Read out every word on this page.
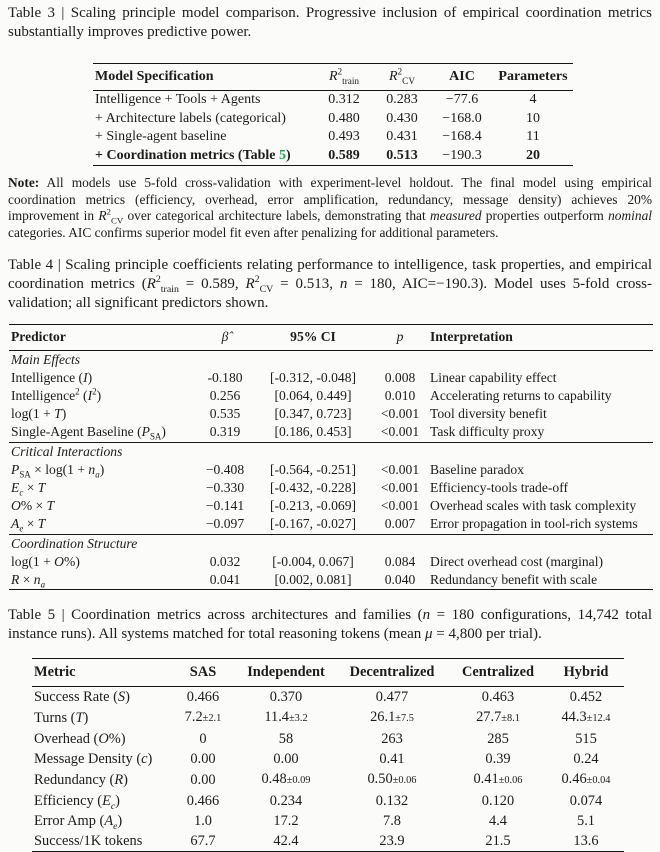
Table 3 | Scaling principle model comparison. Progressive inclusion of empirical coordination metrics substantially improves predictive power.

Model Specification	$R^2_{train}$	$R^2_{CV}$	AIC	Parameters
Intelligence + Tools + Agents	0.312	0.283	−77.6	4
+ Architecture labels (categorical)	0.480	0.430	−168.0	10
+ Single-agent baseline	0.493	0.431	−168.4	11
+ Coordination metrics (Table 5)	0.589	0.513	−190.3	20

Note: All models use 5-fold cross-validation with experiment-level holdout. The final model using empirical coordination metrics (efficiency, overhead, error amplification, redundancy, message density) achieves 20% improvement in $R^2_{CV}$ over categorical architecture labels, demonstrating that measured properties outperform nominal categories. AIC confirms superior model fit even after penalizing for additional parameters.

Table 4 | Scaling principle coefficients relating performance to intelligence, task properties, and empirical coordination metrics ($R^2_{train} = 0.589$, $R^2_{CV} = 0.513$, n = 180, AIC=−190.3). Model uses 5-fold cross-validation; all significant predictors shown.

Predictor	β̂	95% CI	p	Interpretation
Main Effects				
Intelligence (I)	-0.180	[-0.312, -0.048]	0.008	Linear capability effect
Intelligence$^2$ $(I^2)$	0.256	[0.064, 0.449]	0.010	Accelerating returns to capability
log(1 + T)	0.535	[0.347, 0.723]	<0.001	Tool diversity benefit
Single-Agent Baseline $(P_{SA})$	0.319	[0.186, 0.453]	<0.001	Task difficulty proxy
Critical Interactions				
$P_{SA} \times \log(1 + n_a)$	−0.408	[-0.564, -0.251]	<0.001	Baseline paradox
$E_c \times T$	−0.330	[-0.432, -0.228]	<0.001	Efficiency-tools trade-off
O% × T	−0.141	[-0.213, -0.069]	<0.001	Overhead scales with task complexity
$A_e \times T$	−0.097	[-0.167, -0.027]	0.007	Error propagation in tool-rich systems
Coordination Structure				
log(1 + O%)	0.032	[-0.004, 0.067]	0.084	Direct overhead cost (marginal)
$R \times n_a$	0.041	[0.002, 0.081]	0.040	Redundancy benefit with scale

Table 5 | Coordination metrics across architectures and families (n = 180 configurations, 14,742 total instance runs). All systems matched for total reasoning tokens (mean μ = 4,800 per trial).

Metric	SAS	Independent	Decentralized	Centralized	Hybrid
Success Rate (S)	0.466	0.370	0.477	0.463	0.452
Turns (T)	7.2±2.1	11.4±3.2	26.1±7.5	27.7±8.1	44.3±12.4
Overhead (O%)	0	58	263	285	515
Message Density (c)	0.00	0.00	0.41	0.39	0.24
Redundancy (R)	0.00	0.48±0.09	0.50±0.06	0.41±0.06	0.46±0.04
Efficiency $(E_c)$	0.466	0.234	0.132	0.120	0.074
Error Amp $(A_e)$	1.0	17.2	7.8	4.4	5.1
Success/1K tokens	67.7	42.4	23.9	21.5	13.6
